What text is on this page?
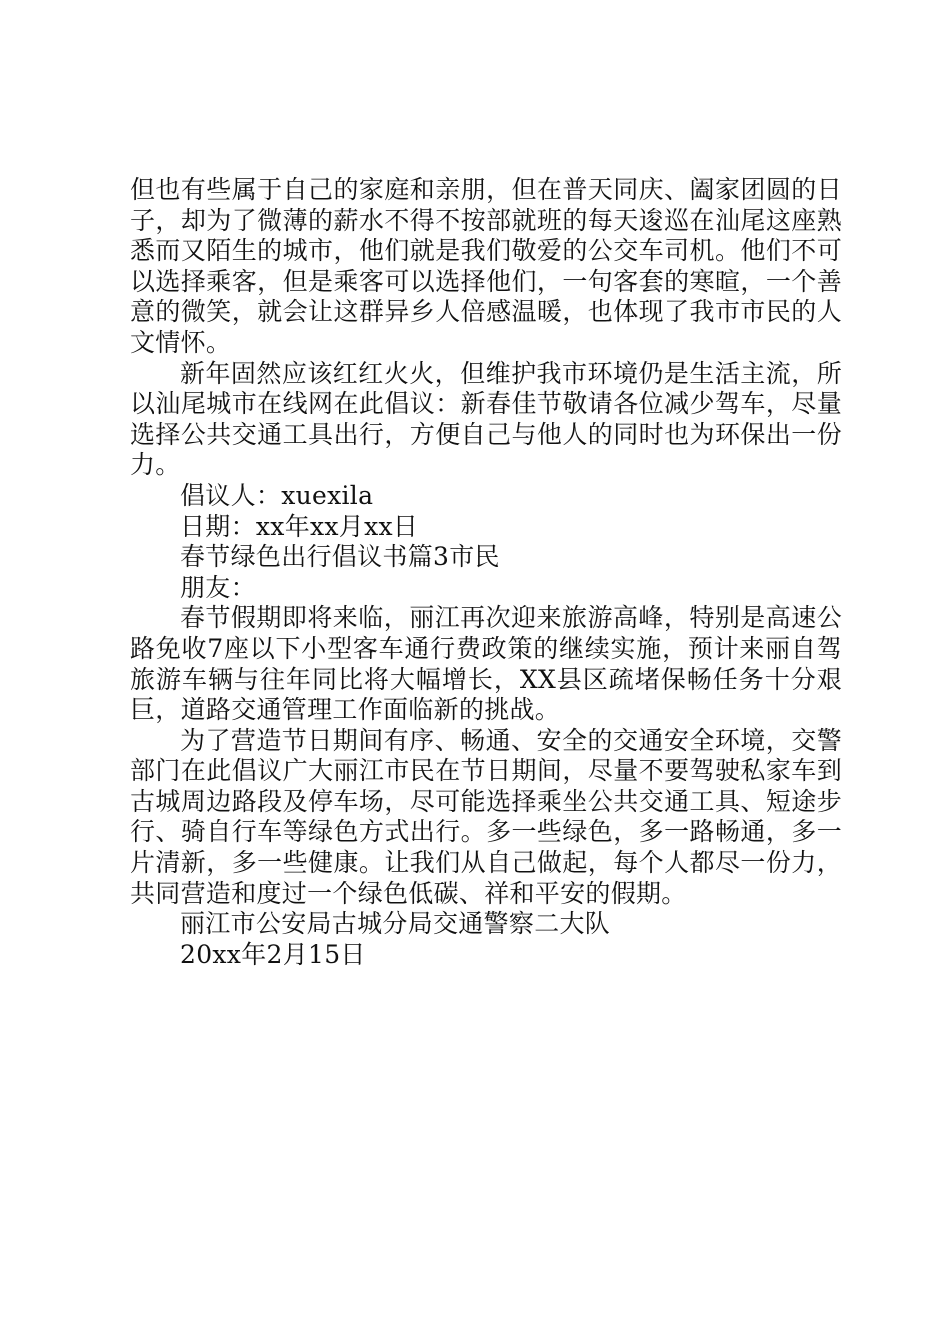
但也有些属于自己的家庭和亲朋，但在普天同庆、阖家团圆的日子，却为了微薄的薪水不得不按部就班的每天逡巡在汕尾这座熟悉而又陌生的城市，他们就是我们敬爱的公交车司机。他们不可以选择乘客，但是乘客可以选择他们，一句客套的寒暄，一个善意的微笑，就会让这群异乡人倍感温暖，也体现了我市市民的人文情怀。

新年固然应该红红火火，但维护我市环境仍是生活主流，所以汕尾城市在线网在此倡议：新春佳节敬请各位减少驾车，尽量选择公共交通工具出行，方便自己与他人的同时也为环保出一份力。

倡议人：xuexila

日期：xx年xx月xx日

春节绿色出行倡议书篇3市民

朋友：

春节假期即将来临，丽江再次迎来旅游高峰，特别是高速公路免收7座以下小型客车通行费政策的继续实施，预计来丽自驾旅游车辆与往年同比将大幅增长，XX县区疏堵保畅任务十分艰巨，道路交通管理工作面临新的挑战。

为了营造节日期间有序、畅通、安全的交通安全环境，交警部门在此倡议广大丽江市民在节日期间，尽量不要驾驶私家车到古城周边路段及停车场，尽可能选择乘坐公共交通工具、短途步行、骑自行车等绿色方式出行。多一些绿色，多一路畅通，多一片清新，多一些健康。让我们从自己做起，每个人都尽一份力，共同营造和度过一个绿色低碳、祥和平安的假期。

丽江市公安局古城分局交通警察二大队

20xx年2月15日
